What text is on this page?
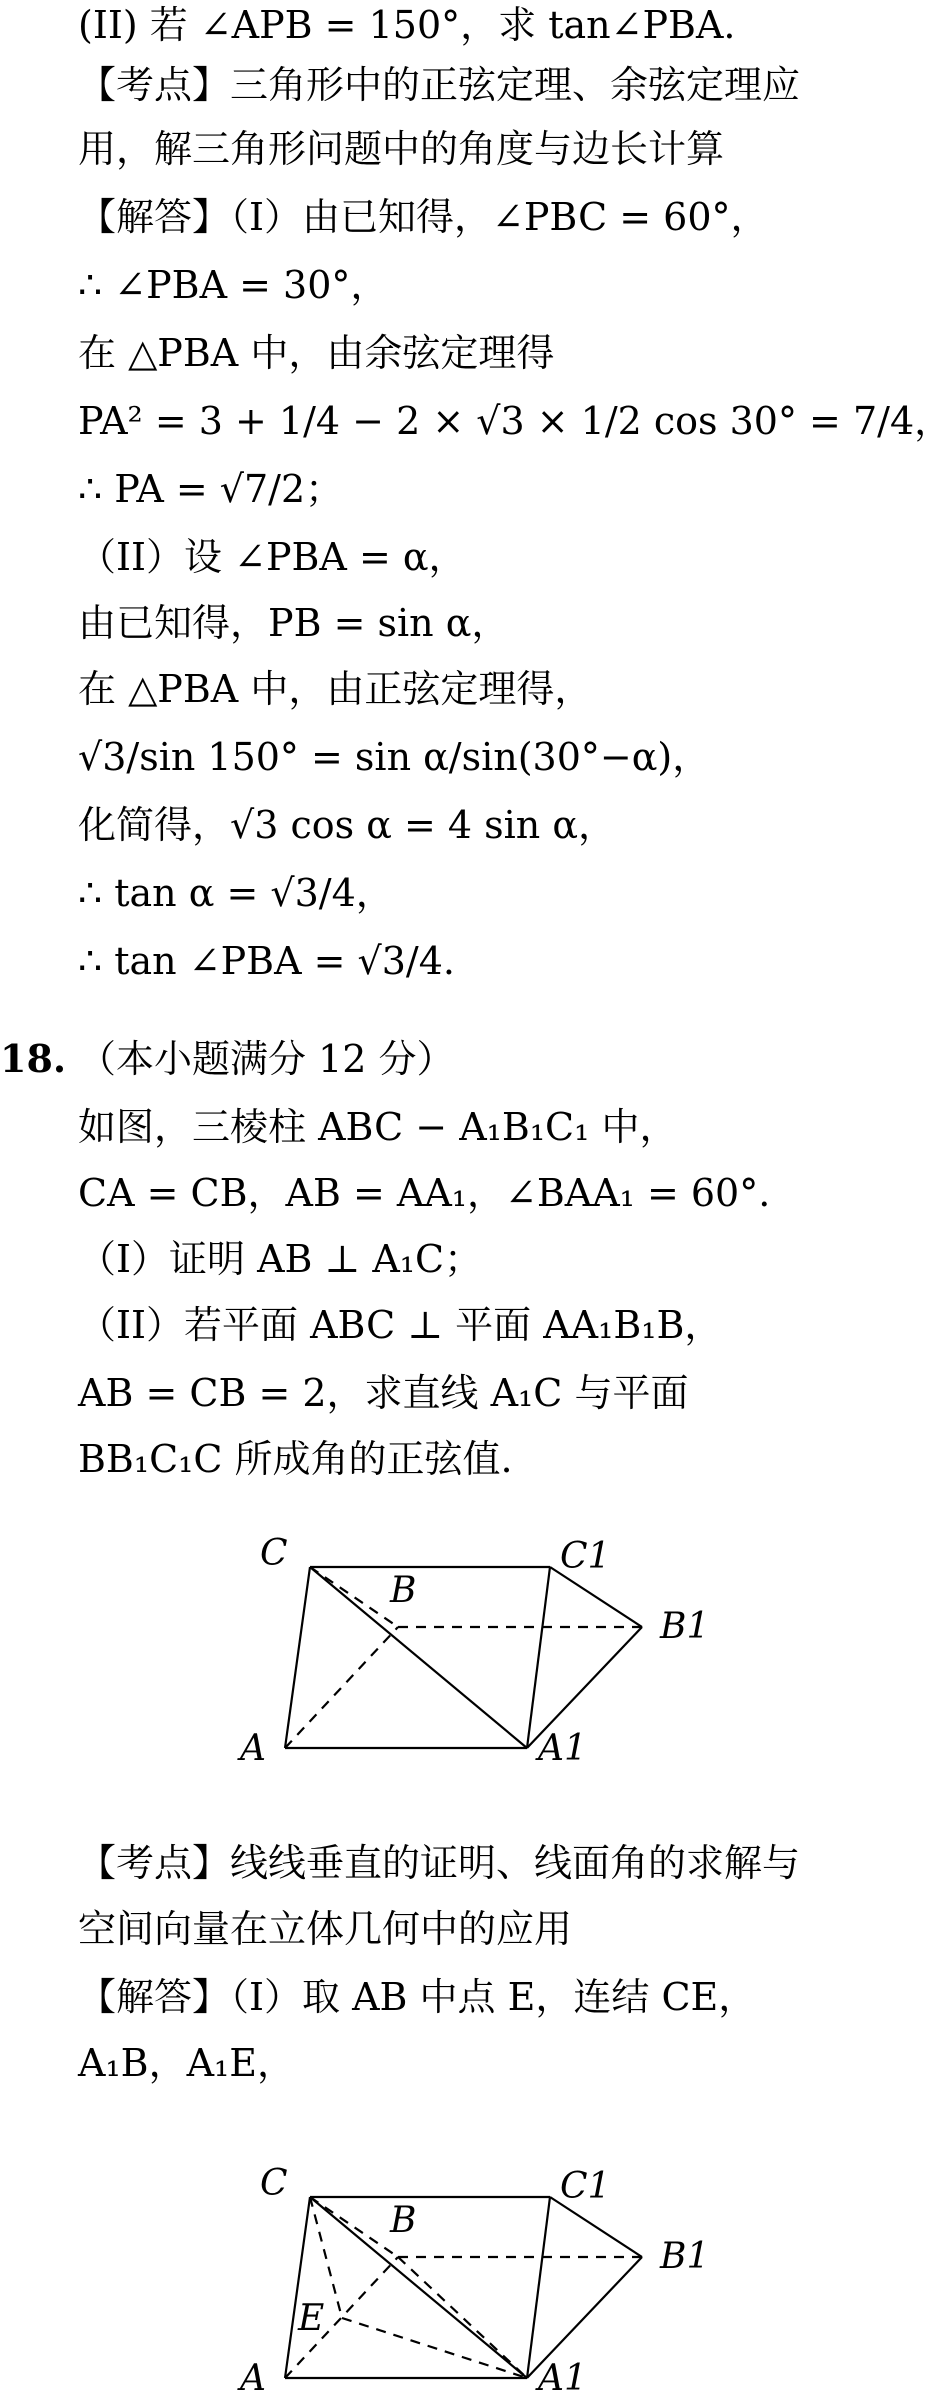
(II) 若 ∠APB = 150°，求 tan∠PBA.
【考点】三角形中的正弦定理、余弦定理应
用，解三角形问题中的角度与边长计算
【解答】（I）由已知得，∠PBC = 60°，
∴ ∠PBA = 30°，
在 △PBA 中，由余弦定理得
PA² = 3 + 1/4 − 2 × √3 × 1/2 cos 30° = 7/4，
∴ PA = √7/2；
（II）设 ∠PBA = α，
由已知得，PB = sin α，
在 △PBA 中，由正弦定理得，
√3/sin 150° = sin α/sin(30°−α)，
化简得，√3 cos α = 4 sin α，
∴ tan α = √3/4，
∴ tan ∠PBA = √3/4.
18. （本小题满分 12 分）
如图，三棱柱 ABC − A₁B₁C₁ 中，
CA = CB，AB = AA₁，∠BAA₁ = 60°.
（I）证明 AB ⊥ A₁C；
（II）若平面 ABC ⊥ 平面 AA₁B₁B，
AB = CB = 2，求直线 A₁C 与平面
BB₁C₁C 所成角的正弦值.
C	C1
B
B1
A	A1
【考点】线线垂直的证明、线面角的求解与
空间向量在立体几何中的应用
【解答】（I）取 AB 中点 E，连结 CE，
A₁B，A₁E，
C	C1
B
B1
E
A	A1
